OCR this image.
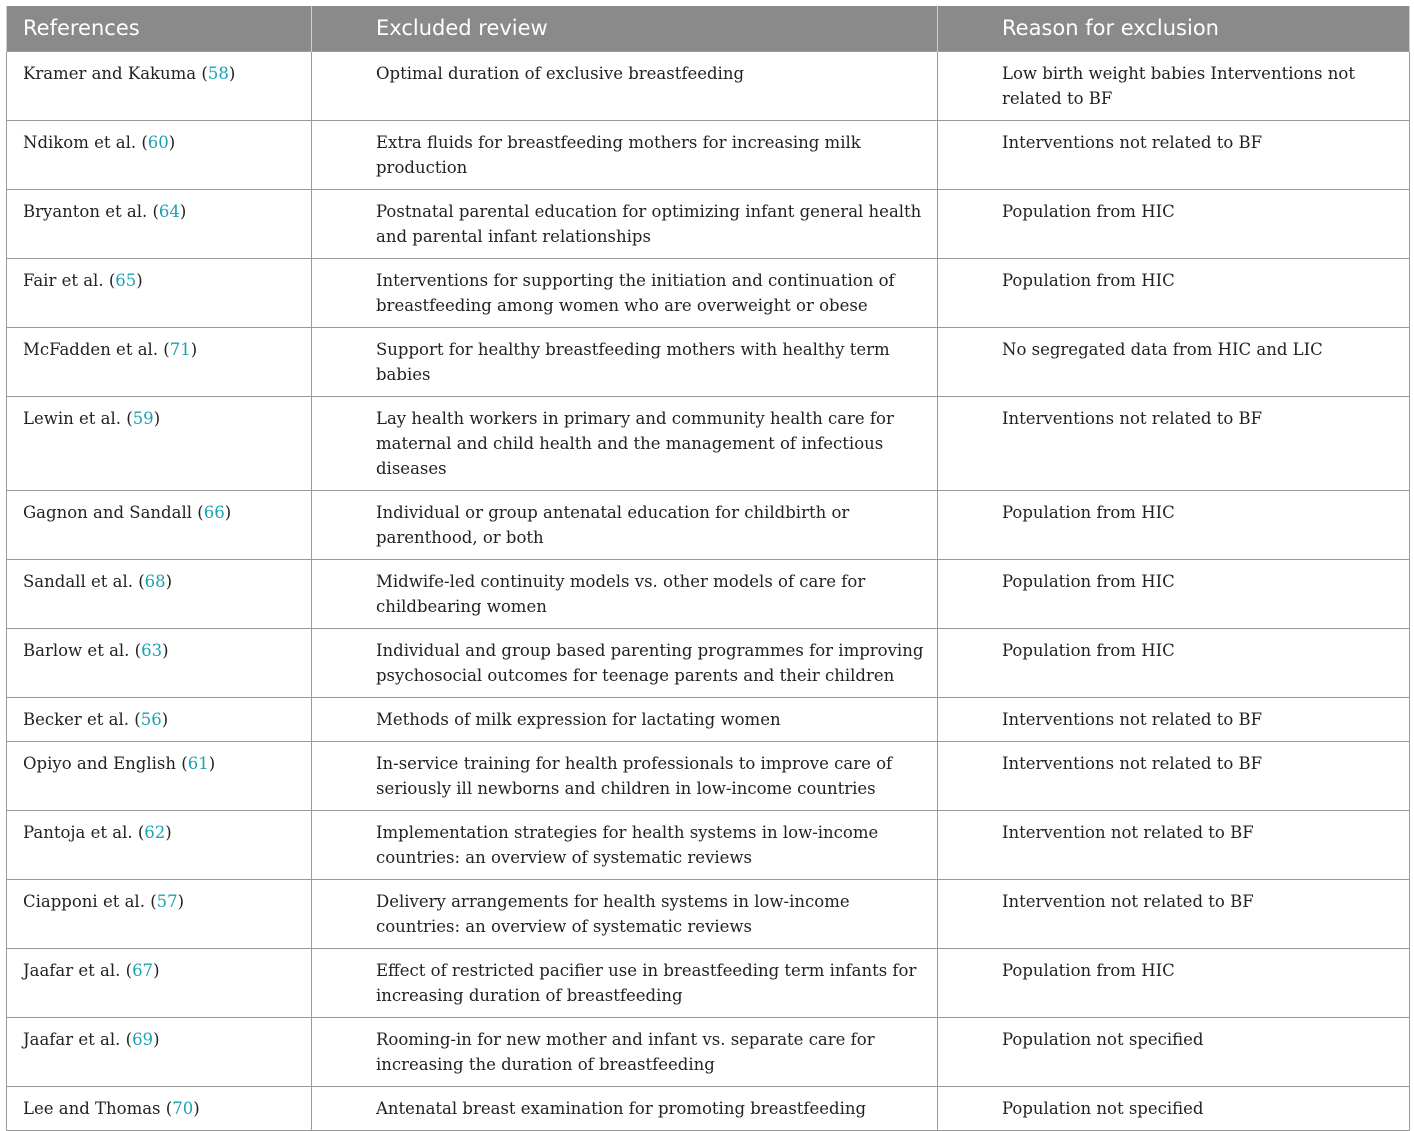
References	Excluded review	Reason for exclusion
Kramer and Kakuma (58)	Optimal duration of exclusive breastfeeding	Low birth weight babies Interventions not related to BF
Ndikom et al. (60)	Extra fluids for breastfeeding mothers for increasing milk production	Interventions not related to BF
Bryanton et al. (64)	Postnatal parental education for optimizing infant general health and parental infant relationships	Population from HIC
Fair et al. (65)	Interventions for supporting the initiation and continuation of breastfeeding among women who are overweight or obese	Population from HIC
McFadden et al. (71)	Support for healthy breastfeeding mothers with healthy term babies	No segregated data from HIC and LIC
Lewin et al. (59)	Lay health workers in primary and community health care for maternal and child health and the management of infectious diseases	Interventions not related to BF
Gagnon and Sandall (66)	Individual or group antenatal education for childbirth or parenthood, or both	Population from HIC
Sandall et al. (68)	Midwife-led continuity models vs. other models of care for childbearing women	Population from HIC
Barlow et al. (63)	Individual and group based parenting programmes for improving psychosocial outcomes for teenage parents and their children	Population from HIC
Becker et al. (56)	Methods of milk expression for lactating women	Interventions not related to BF
Opiyo and English (61)	In-service training for health professionals to improve care of seriously ill newborns and children in low-income countries	Interventions not related to BF
Pantoja et al. (62)	Implementation strategies for health systems in low-income countries: an overview of systematic reviews	Intervention not related to BF
Ciapponi et al. (57)	Delivery arrangements for health systems in low-income countries: an overview of systematic reviews	Intervention not related to BF
Jaafar et al. (67)	Effect of restricted pacifier use in breastfeeding term infants for increasing duration of breastfeeding	Population from HIC
Jaafar et al. (69)	Rooming-in for new mother and infant vs. separate care for increasing the duration of breastfeeding	Population not specified
Lee and Thomas (70)	Antenatal breast examination for promoting breastfeeding	Population not specified
